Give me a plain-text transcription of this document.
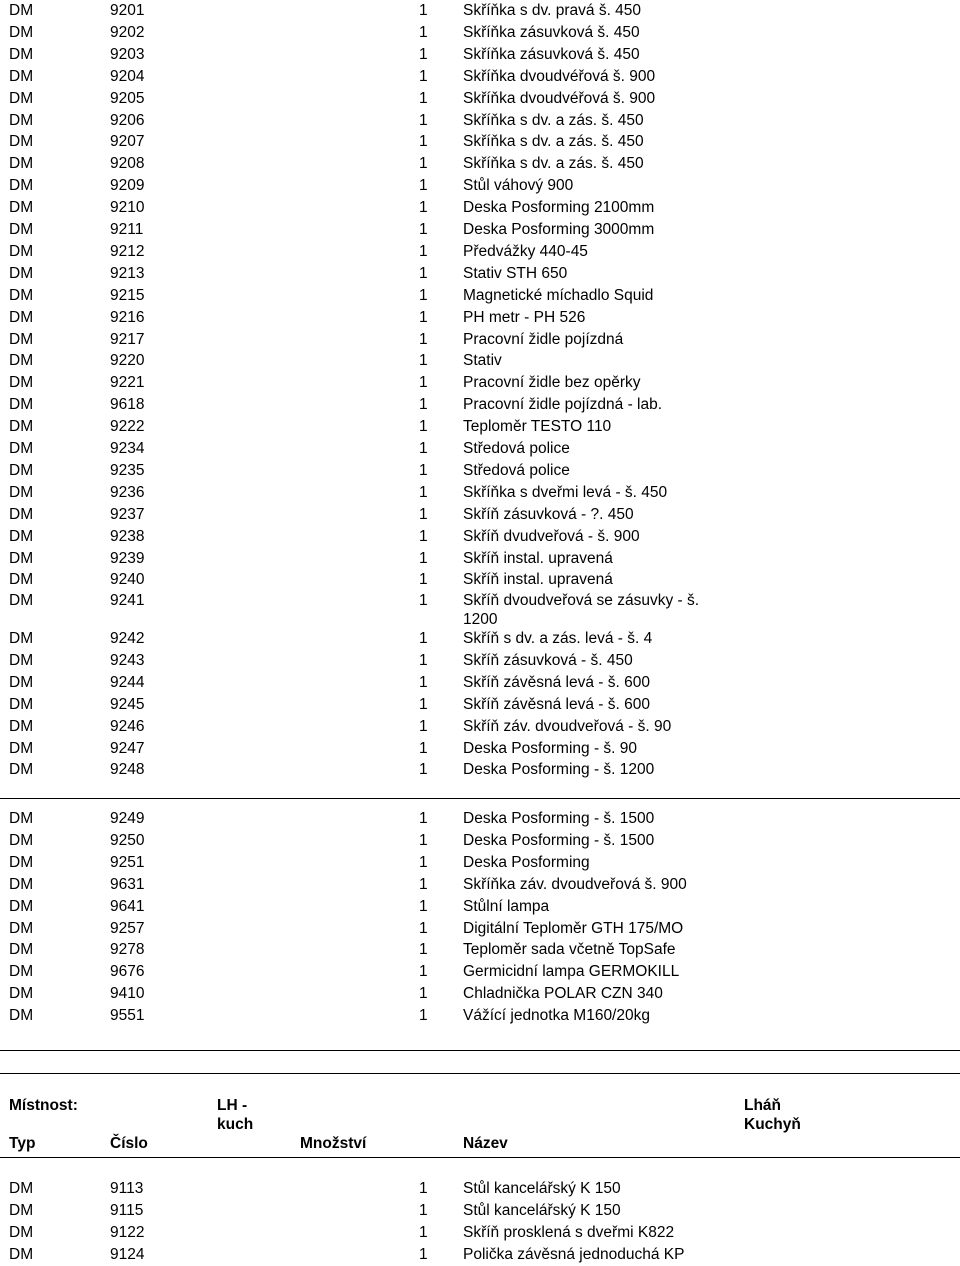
DM	9201	1 Skříňka s dv. pravá š. 450
DM	9202	1 Skříňka zásuvková š. 450
DM	9203	1 Skříňka zásuvková š. 450
DM	9204	1 Skříňka dvoudvéřová š. 900
DM	9205	1 Skříňka dvoudvéřová š. 900
DM	9206	1 Skříňka s dv. a zás. š. 450
DM	9207	1 Skříňka s dv. a zás. š. 450
DM	9208	1 Skříňka s dv. a zás. š. 450
DM	9209	1 Stůl váhový 900
DM	9210	1 Deska Posforming 2100mm
DM	9211	1 Deska Posforming 3000mm
DM	9212	1 Předvážky 440-45
DM	9213	1 Stativ STH 650
DM	9215	1 Magnetické míchadlo Squid
DM	9216	1 PH metr - PH 526
DM	9217	1 Pracovní židle pojízdná
DM	9220	1 Stativ
DM	9221	1 Pracovní židle bez opěrky
DM	9618	1 Pracovní židle pojízdná - lab.
DM	9222	1 Teploměr TESTO 110
DM	9234	1 Středová police
DM	9235	1 Středová police
DM	9236	1 Skříňka s dveřmi levá - š. 450
DM	9237	1 Skříň zásuvková - ?. 450
DM	9238	1 Skříň dvudveřová - š. 900
DM	9239	1 Skříň instal. upravená
DM	9240	1 Skříň instal. upravená
DM	9241	1 Skříň dvoudveřová se zásuvky - š.
1200
DM	9242	1 Skříň s dv. a zás. levá - š. 4
DM	9243	1 Skříň zásuvková - š. 450
DM	9244	1 Skříň závěsná levá - š. 600
DM	9245	1 Skříň závěsná levá - š. 600
DM	9246	1 Skříň záv. dvoudveřová - š. 90
DM	9247	1 Deska Posforming - š. 90
DM	9248	1 Deska Posforming - š. 1200
DM	9249	1 Deska Posforming - š. 1500
DM	9250	1 Deska Posforming - š. 1500
DM	9251	1 Deska Posforming
DM	9631	1 Skříňka záv. dvoudveřová š. 900
DM	9641	1 Stůlní lampa
DM	9257	1 Digitální Teploměr GTH 175/MO
DM	9278	1 Teploměr sada včetně TopSafe
DM	9676	1 Germicidní lampa GERMOKILL
DM	9410	1 Chladnička POLAR CZN 340
DM	9551	1 Vážící jednotka M160/20kg
Místnost:	LH -
kuch
Lháň
Kuchyň
Typ	Číslo	Množství	Název
DM	9113	1 Stůl kancelářský K 150
DM	9115	1 Stůl kancelářský K 150
DM	9122	1 Skříň prosklená s dveřmi K822
DM	9124	1 Polička závěsná jednoduchá KP
